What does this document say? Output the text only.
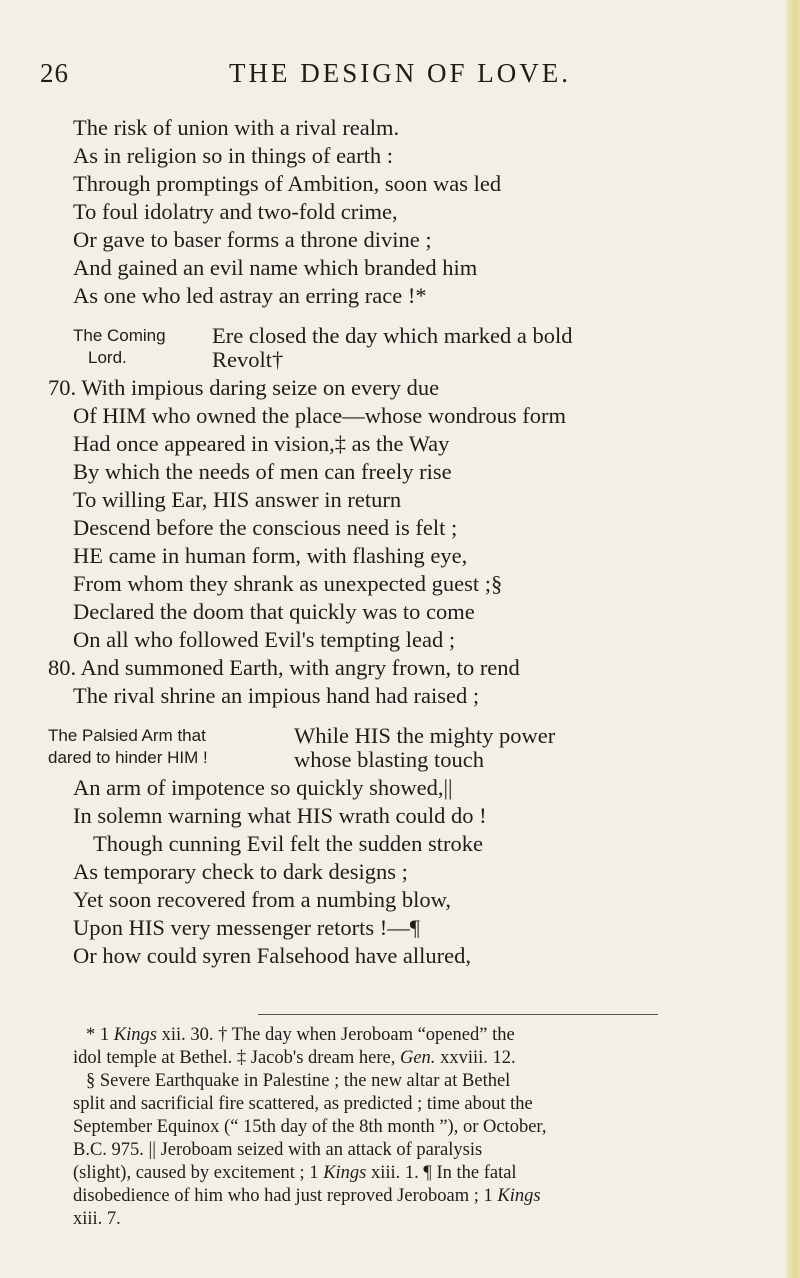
26	THE DESIGN OF LOVE.
The risk of union with a rival realm.
As in religion so in things of earth :
Through promptings of Ambition, soon was led
To foul idolatry and two-fold crime,
Or gave to baser forms a throne divine ;
And gained an evil name which branded him
As one who led astray an erring race !*
The Coming
Lord.
Ere closed the day which marked a bold
Revolt†
70. With impious daring seize on every due
Of HIM who owned the place—whose wondrous form
Had once appeared in vision,‡ as the Way
By which the needs of men can freely rise
To willing Ear, HIS answer in return
Descend before the conscious need is felt ;
HE came in human form, with flashing eye,
From whom they shrank as unexpected guest ;§
Declared the doom that quickly was to come
On all who followed Evil's tempting lead ;
80. And summoned Earth, with angry frown, to rend
The rival shrine an impious hand had raised ;
The Palsied Arm that
dared to hinder HIM !
While HIS the mighty power
whose blasting touch
An arm of impotence so quickly showed,||
In solemn warning what HIS wrath could do !
Though cunning Evil felt the sudden stroke
As temporary check to dark designs ;
Yet soon recovered from a numbing blow,
Upon HIS very messenger retorts !—¶
Or how could syren Falsehood have allured,
* 1 Kings xii. 30. † The day when Jeroboam “opened” the
idol temple at Bethel. ‡ Jacob's dream here, Gen. xxviii. 12.
§ Severe Earthquake in Palestine ; the new altar at Bethel
split and sacrificial fire scattered, as predicted ; time about the
September Equinox (“ 15th day of the 8th month ”), or October,
B.C. 975. || Jeroboam seized with an attack of paralysis
(slight), caused by excitement ; 1 Kings xiii. 1. ¶ In the fatal
disobedience of him who had just reproved Jeroboam ; 1 Kings
xiii. 7.
